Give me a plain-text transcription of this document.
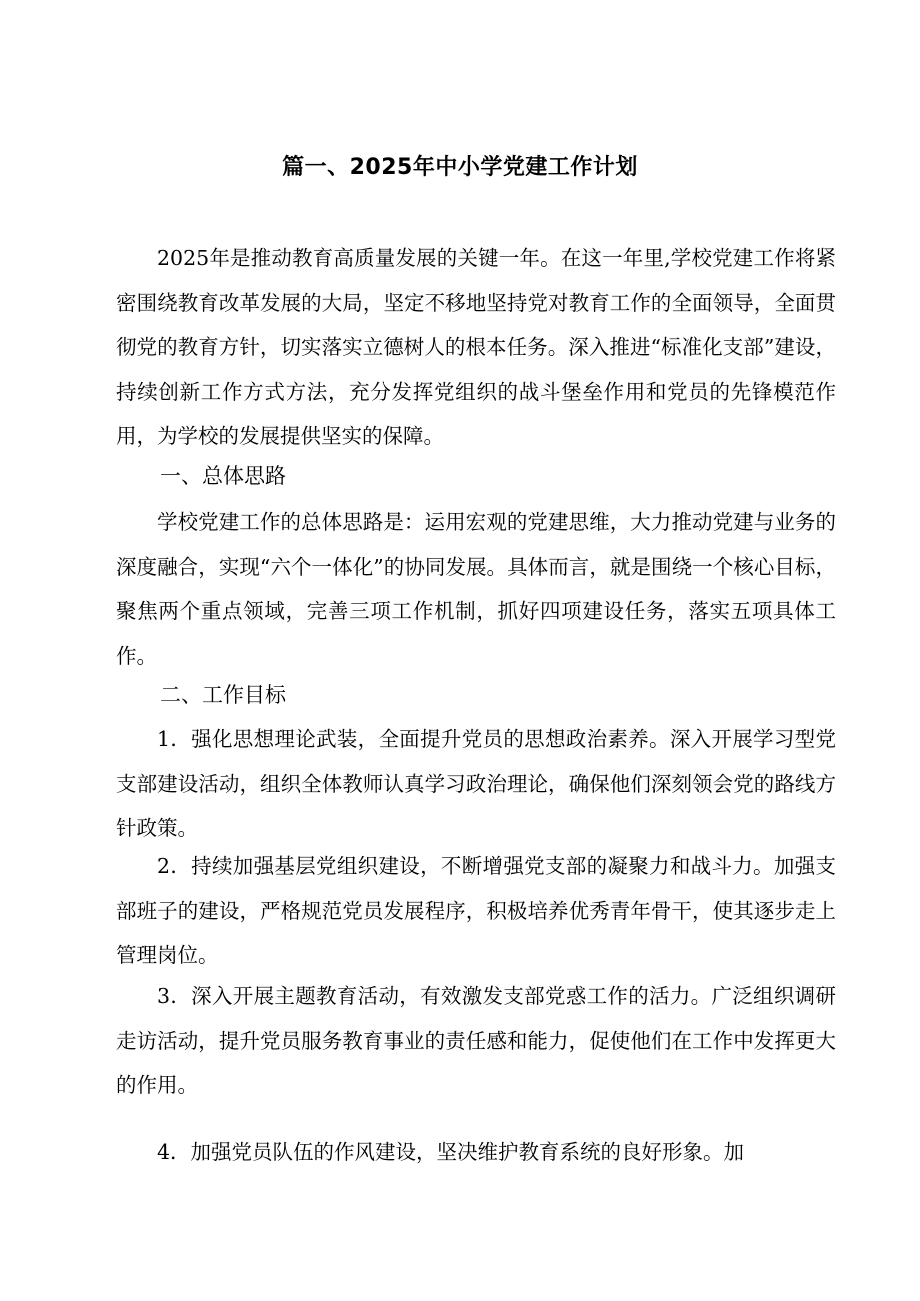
篇一、2025年中小学党建工作计划

2025年是推动教育高质量发展的关键一年。在这一年里,学校党建工作将紧密围绕教育改革发展的大局，坚定不移地坚持党对教育工作的全面领导，全面贯彻党的教育方针，切实落实立德树人的根本任务。深入推进“标准化支部”建设，持续创新工作方式方法，充分发挥党组织的战斗堡垒作用和党员的先锋模范作用，为学校的发展提供坚实的保障。

一、总体思路

学校党建工作的总体思路是：运用宏观的党建思维，大力推动党建与业务的深度融合，实现“六个一体化”的协同发展。具体而言，就是围绕一个核心目标，聚焦两个重点领域，完善三项工作机制，抓好四项建设任务，落实五项具体工作。

二、工作目标

1．强化思想理论武装，全面提升党员的思想政治素养。深入开展学习型党支部建设活动，组织全体教师认真学习政治理论，确保他们深刻领会党的路线方针政策。

2．持续加强基层党组织建设，不断增强党支部的凝聚力和战斗力。加强支部班子的建设，严格规范党员发展程序，积极培养优秀青年骨干，使其逐步走上管理岗位。

3．深入开展主题教育活动，有效激发支部党惑工作的活力。广泛组织调研走访活动，提升党员服务教育事业的责任感和能力，促使他们在工作中发挥更大的作用。

4．加强党员队伍的作风建设，坚决维护教育系统的良好形象。加
